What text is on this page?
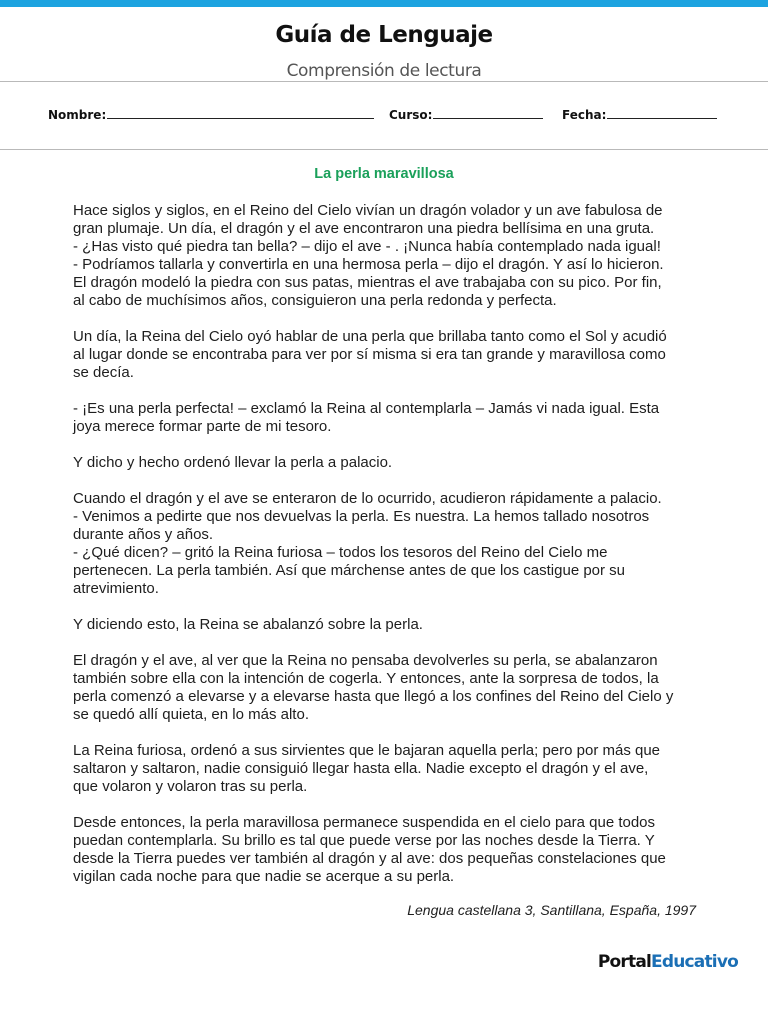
Guía de Lenguaje
Comprensión de lectura
Nombre:	Curso:	Fecha:
La perla maravillosa

Hace siglos y siglos, en el Reino del Cielo vivían un dragón volador y un ave fabulosa de
gran plumaje. Un día, el dragón y el ave encontraron una piedra bellísima en una gruta.
- ¿Has visto qué piedra tan bella? – dijo el ave - . ¡Nunca había contemplado nada igual!
- Podríamos tallarla y convertirla en una hermosa perla – dijo el dragón. Y así lo hicieron.
El dragón modeló la piedra con sus patas, mientras el ave trabajaba con su pico. Por fin,
al cabo de muchísimos años, consiguieron una perla redonda y perfecta.

Un día, la Reina del Cielo oyó hablar de una perla que brillaba tanto como el Sol y acudió
al lugar donde se encontraba para ver por sí misma si era tan grande y maravillosa como
se decía.

- ¡Es una perla perfecta! – exclamó la Reina al contemplarla – Jamás vi nada igual. Esta
joya merece formar parte de mi tesoro.

Y dicho y hecho ordenó llevar la perla a palacio.

Cuando el dragón y el ave se enteraron de lo ocurrido, acudieron rápidamente a palacio.
- Venimos a pedirte que nos devuelvas la perla. Es nuestra. La hemos tallado nosotros
durante años y años.
- ¿Qué dicen? – gritó la Reina furiosa – todos los tesoros del Reino del Cielo me
pertenecen. La perla también. Así que márchense antes de que los castigue por su
atrevimiento.

Y diciendo esto, la Reina se abalanzó sobre la perla.

El dragón y el ave, al ver que la Reina no pensaba devolverles su perla, se abalanzaron
también sobre ella con la intención de cogerla. Y entonces, ante la sorpresa de todos, la
perla comenzó a elevarse y a elevarse hasta que llegó a los confines del Reino del Cielo y
se quedó allí quieta, en lo más alto.

La Reina furiosa, ordenó a sus sirvientes que le bajaran aquella perla; pero por más que
saltaron y saltaron, nadie consiguió llegar hasta ella. Nadie excepto el dragón y el ave,
que volaron y volaron tras su perla.

Desde entonces, la perla maravillosa permanece suspendida en el cielo para que todos
puedan contemplarla. Su brillo es tal que puede verse por las noches desde la Tierra. Y
desde la Tierra puedes ver también al dragón y al ave: dos pequeñas constelaciones que
vigilan cada noche para que nadie se acerque a su perla.

Lengua castellana 3, Santillana, España, 1997
PortalEducativo
